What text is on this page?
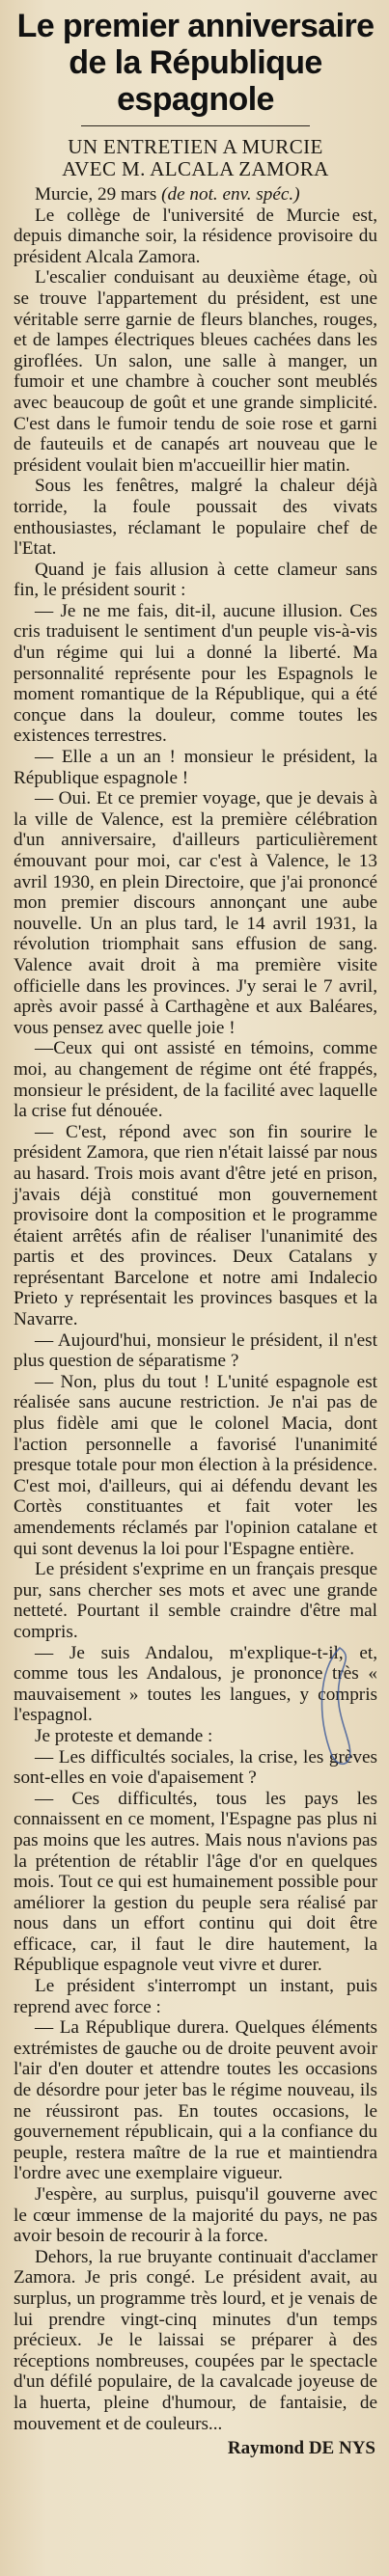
Le premier anniversaire de la République espagnole
UN ENTRETIEN A MURCIE
AVEC M. ALCALA ZAMORA

Murcie, 29 mars (de not. env. spéc.)

Le collège de l'université de Murcie est, depuis dimanche soir, la résidence provisoire du président Alcala Zamora.

L'escalier conduisant au deuxième étage, où se trouve l'appartement du président, est une véritable serre garnie de fleurs blanches, rouges, et de lampes électriques bleues cachées dans les giroflées. Un salon, une salle à manger, un fumoir et une chambre à coucher sont meublés avec beaucoup de goût et une grande simplicité. C'est dans le fumoir tendu de soie rose et garni de fauteuils et de canapés art nouveau que le président voulait bien m'accueillir hier matin.

Sous les fenêtres, malgré la chaleur déjà torride, la foule poussait des vivats enthousiastes, réclamant le populaire chef de l'Etat.

Quand je fais allusion à cette clameur sans fin, le président sourit :

— Je ne me fais, dit-il, aucune illusion. Ces cris traduisent le sentiment d'un peuple vis-à-vis d'un régime qui lui a donné la liberté. Ma personnalité représente pour les Espagnols le moment romantique de la République, qui a été conçue dans la douleur, comme toutes les existences terrestres.

— Elle a un an ! monsieur le président, la République espagnole !

— Oui. Et ce premier voyage, que je devais à la ville de Valence, est la première célébration d'un anniversaire, d'ailleurs particulièrement émouvant pour moi, car c'est à Valence, le 13 avril 1930, en plein Directoire, que j'ai prononcé mon premier discours annonçant une aube nouvelle. Un an plus tard, le 14 avril 1931, la révolution triomphait sans effusion de sang. Valence avait droit à ma première visite officielle dans les provinces. J'y serai le 7 avril, après avoir passé à Carthagène et aux Baléares, vous pensez avec quelle joie !

—Ceux qui ont assisté en témoins, comme moi, au changement de régime ont été frappés, monsieur le président, de la facilité avec laquelle la crise fut dénouée.

— C'est, répond avec son fin sourire le président Zamora, que rien n'était laissé par nous au hasard. Trois mois avant d'être jeté en prison, j'avais déjà constitué mon gouvernement provisoire dont la composition et le programme étaient arrêtés afin de réaliser l'unanimité des partis et des provinces. Deux Catalans y représentant Barcelone et notre ami Indalecio Prieto y représentait les provinces basques et la Navarre.

— Aujourd'hui, monsieur le président, il n'est plus question de séparatisme ?

— Non, plus du tout ! L'unité espagnole est réalisée sans aucune restriction. Je n'ai pas de plus fidèle ami que le colonel Macia, dont l'action personnelle a favorisé l'unanimité presque totale pour mon élection à la présidence. C'est moi, d'ailleurs, qui ai défendu devant les Cortès constituantes et fait voter les amendements réclamés par l'opinion catalane et qui sont devenus la loi pour l'Espagne entière.

Le président s'exprime en un français presque pur, sans chercher ses mots et avec une grande netteté. Pourtant il semble craindre d'être mal compris.

— Je suis Andalou, m'explique-t-il, et, comme tous les Andalous, je prononce très « mauvaisement » toutes les langues, y compris l'espagnol.

Je proteste et demande :

— Les difficultés sociales, la crise, les grèves sont-elles en voie d'apaisement ?

— Ces difficultés, tous les pays les connaissent en ce moment, l'Espagne pas plus ni pas moins que les autres. Mais nous n'avions pas la prétention de rétablir l'âge d'or en quelques mois. Tout ce qui est humainement possible pour améliorer la gestion du peuple sera réalisé par nous dans un effort continu qui doit être efficace, car, il faut le dire hautement, la République espagnole veut vivre et durer.

Le président s'interrompt un instant, puis reprend avec force :

— La République durera. Quelques éléments extrémistes de gauche ou de droite peuvent avoir l'air d'en douter et attendre toutes les occasions de désordre pour jeter bas le régime nouveau, ils ne réussiront pas. En toutes occasions, le gouvernement républicain, qui a la confiance du peuple, restera maître de la rue et maintiendra l'ordre avec une exemplaire vigueur.

J'espère, au surplus, puisqu'il gouverne avec le cœur immense de la majorité du pays, ne pas avoir besoin de recourir à la force.

Dehors, la rue bruyante continuait d'acclamer Zamora. Je pris congé. Le président avait, au surplus, un programme très lourd, et je venais de lui prendre vingt-cinq minutes d'un temps précieux. Je le laissai se préparer à des réceptions nombreuses, coupées par le spectacle d'un défilé populaire, de la cavalcade joyeuse de la huerta, pleine d'humour, de fantaisie, de mouvement et de couleurs...

Raymond DE NYS
